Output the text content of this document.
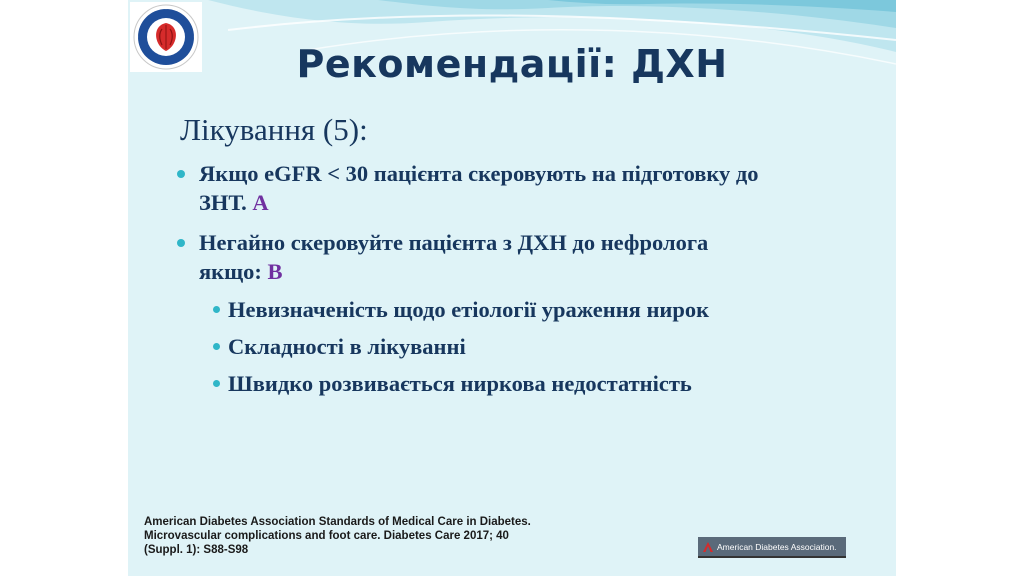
Рекомендації: ДХН
Лікування (5):
Якщо eGFR < 30 пацієнта скеровують на підготовку до
ЗНТ. A
Негайно скеровуйте пацієнта з ДХН до нефролога
якщо: B
Невизначеність щодо етіології ураження нирок
Складності в лікуванні
Швидко розвивається ниркова недостатність
American Diabetes Association Standards of Medical Care in Diabetes.
Microvascular complications and foot care. Diabetes Care 2017; 40
(Suppl. 1): S88-S98	American Diabetes Association.
